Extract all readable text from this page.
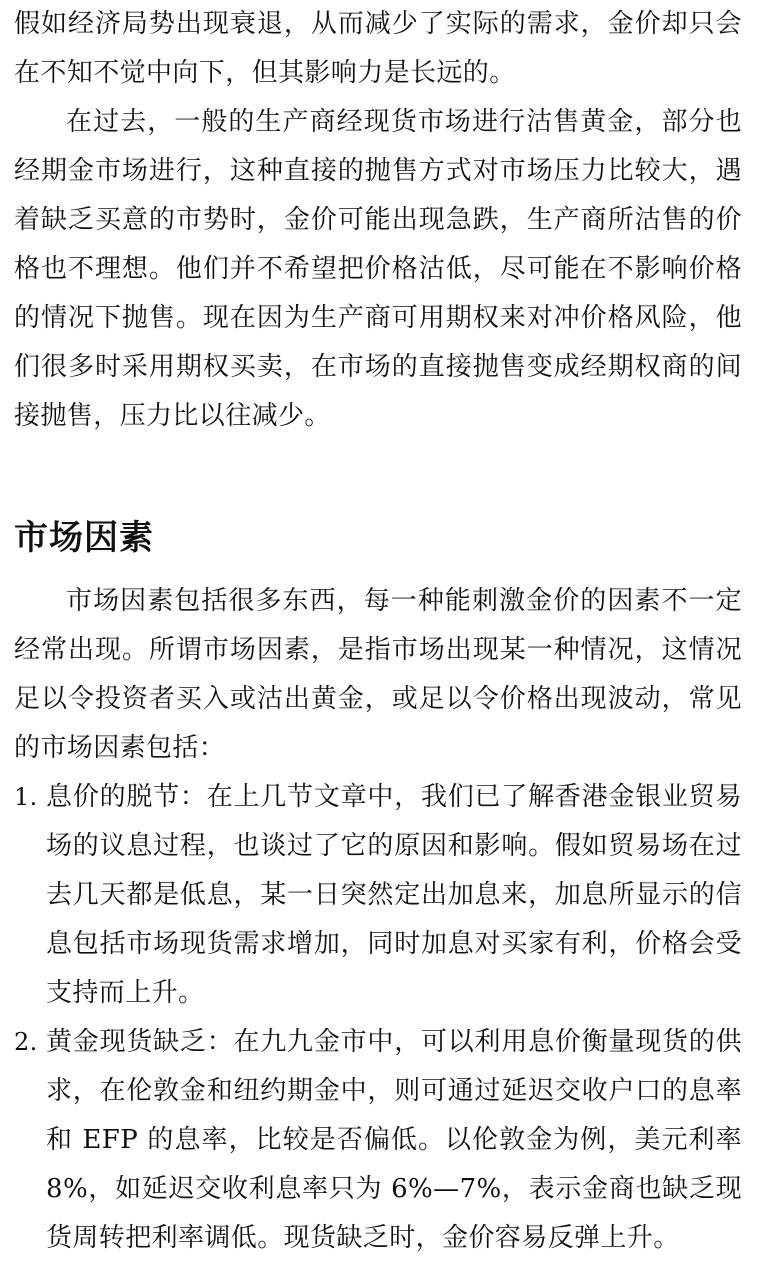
假如经济局势出现衰退，从而减少了实际的需求，金价却只会在不知不觉中向下，但其影响力是长远的。

在过去，一般的生产商经现货市场进行沽售黄金，部分也经期金市场进行，这种直接的抛售方式对市场压力比较大，遇着缺乏买意的市势时，金价可能出现急跌，生产商所沽售的价格也不理想。他们并不希望把价格沽低，尽可能在不影响价格的情况下抛售。现在因为生产商可用期权来对冲价格风险，他们很多时采用期权买卖，在市场的直接抛售变成经期权商的间接抛售，压力比以往减少。

市场因素

市场因素包括很多东西，每一种能刺激金价的因素不一定经常出现。所谓市场因素，是指市场出现某一种情况，这情况足以令投资者买入或沽出黄金，或足以令价格出现波动，常见的市场因素包括：

1. 息价的脱节：在上几节文章中，我们已了解香港金银业贸易场的议息过程，也谈过了它的原因和影响。假如贸易场在过去几天都是低息，某一日突然定出加息来，加息所显示的信息包括市场现货需求增加，同时加息对买家有利，价格会受支持而上升。
2. 黄金现货缺乏：在九九金市中，可以利用息价衡量现货的供求，在伦敦金和纽约期金中，则可通过延迟交收户口的息率和 EFP 的息率，比较是否偏低。以伦敦金为例，美元利率 8%，如延迟交收利息率只为 6%—7%，表示金商也缺乏现货周转把利率调低。现货缺乏时，金价容易反弹上升。
